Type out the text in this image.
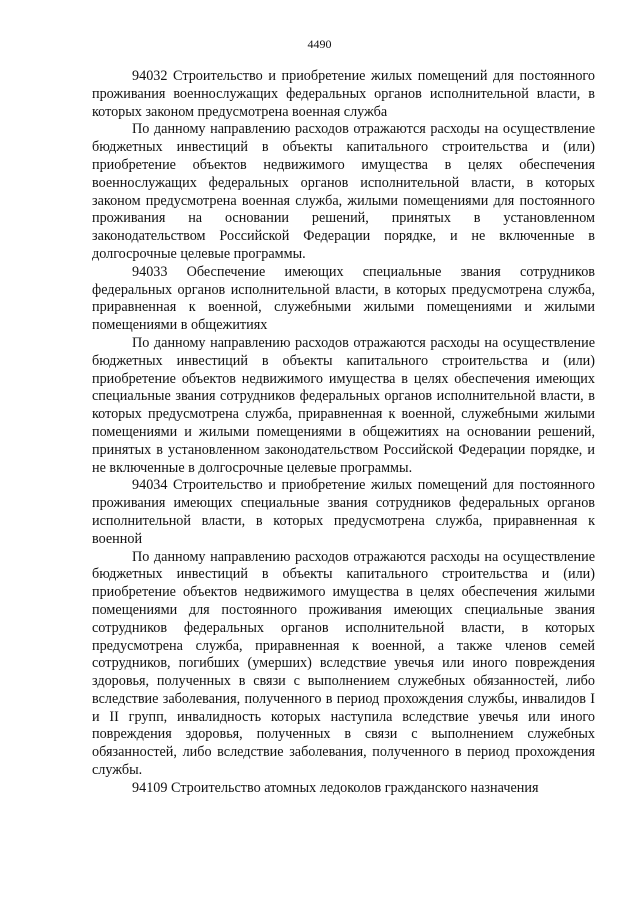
4490

94032 Строительство и приобретение жилых помещений для постоянного проживания военнослужащих федеральных органов исполнительной власти, в которых законом предусмотрена военная служба

По данному направлению расходов отражаются расходы на осуществление бюджетных инвестиций в объекты капитального строительства и (или) приобретение объектов недвижимого имущества в целях обеспечения военнослужащих федеральных органов исполнительной власти, в которых законом предусмотрена военная служба, жилыми помещениями для постоянного проживания на основании решений, принятых в установленном законодательством Российской Федерации порядке, и не включенные в долгосрочные целевые программы.

94033 Обеспечение имеющих специальные звания сотрудников федеральных органов исполнительной власти, в которых предусмотрена служба, приравненная к военной, служебными жилыми помещениями и жилыми помещениями в общежитиях

По данному направлению расходов отражаются расходы на осуществление бюджетных инвестиций в объекты капитального строительства и (или) приобретение объектов недвижимого имущества в целях обеспечения имеющих специальные звания сотрудников федеральных органов исполнительной власти, в которых предусмотрена служба, приравненная к военной, служебными жилыми помещениями и жилыми помещениями в общежитиях на основании решений, принятых в установленном законодательством Российской Федерации порядке, и не включенные в долгосрочные целевые программы.

94034 Строительство и приобретение жилых помещений для постоянного проживания имеющих специальные звания сотрудников федеральных органов исполнительной власти, в которых предусмотрена служба, приравненная к военной

По данному направлению расходов отражаются расходы на осуществление бюджетных инвестиций в объекты капитального строительства и (или) приобретение объектов недвижимого имущества в целях обеспечения жилыми помещениями для постоянного проживания имеющих специальные звания сотрудников федеральных органов исполнительной власти, в которых предусмотрена служба, приравненная к военной, а также членов семей сотрудников, погибших (умерших) вследствие увечья или иного повреждения здоровья, полученных в связи с выполнением служебных обязанностей, либо вследствие заболевания, полученного в период прохождения службы, инвалидов I и II групп, инвалидность которых наступила вследствие увечья или иного повреждения здоровья, полученных в связи с выполнением служебных обязанностей, либо вследствие заболевания, полученного в период прохождения службы.

94109 Строительство атомных ледоколов гражданского назначения
